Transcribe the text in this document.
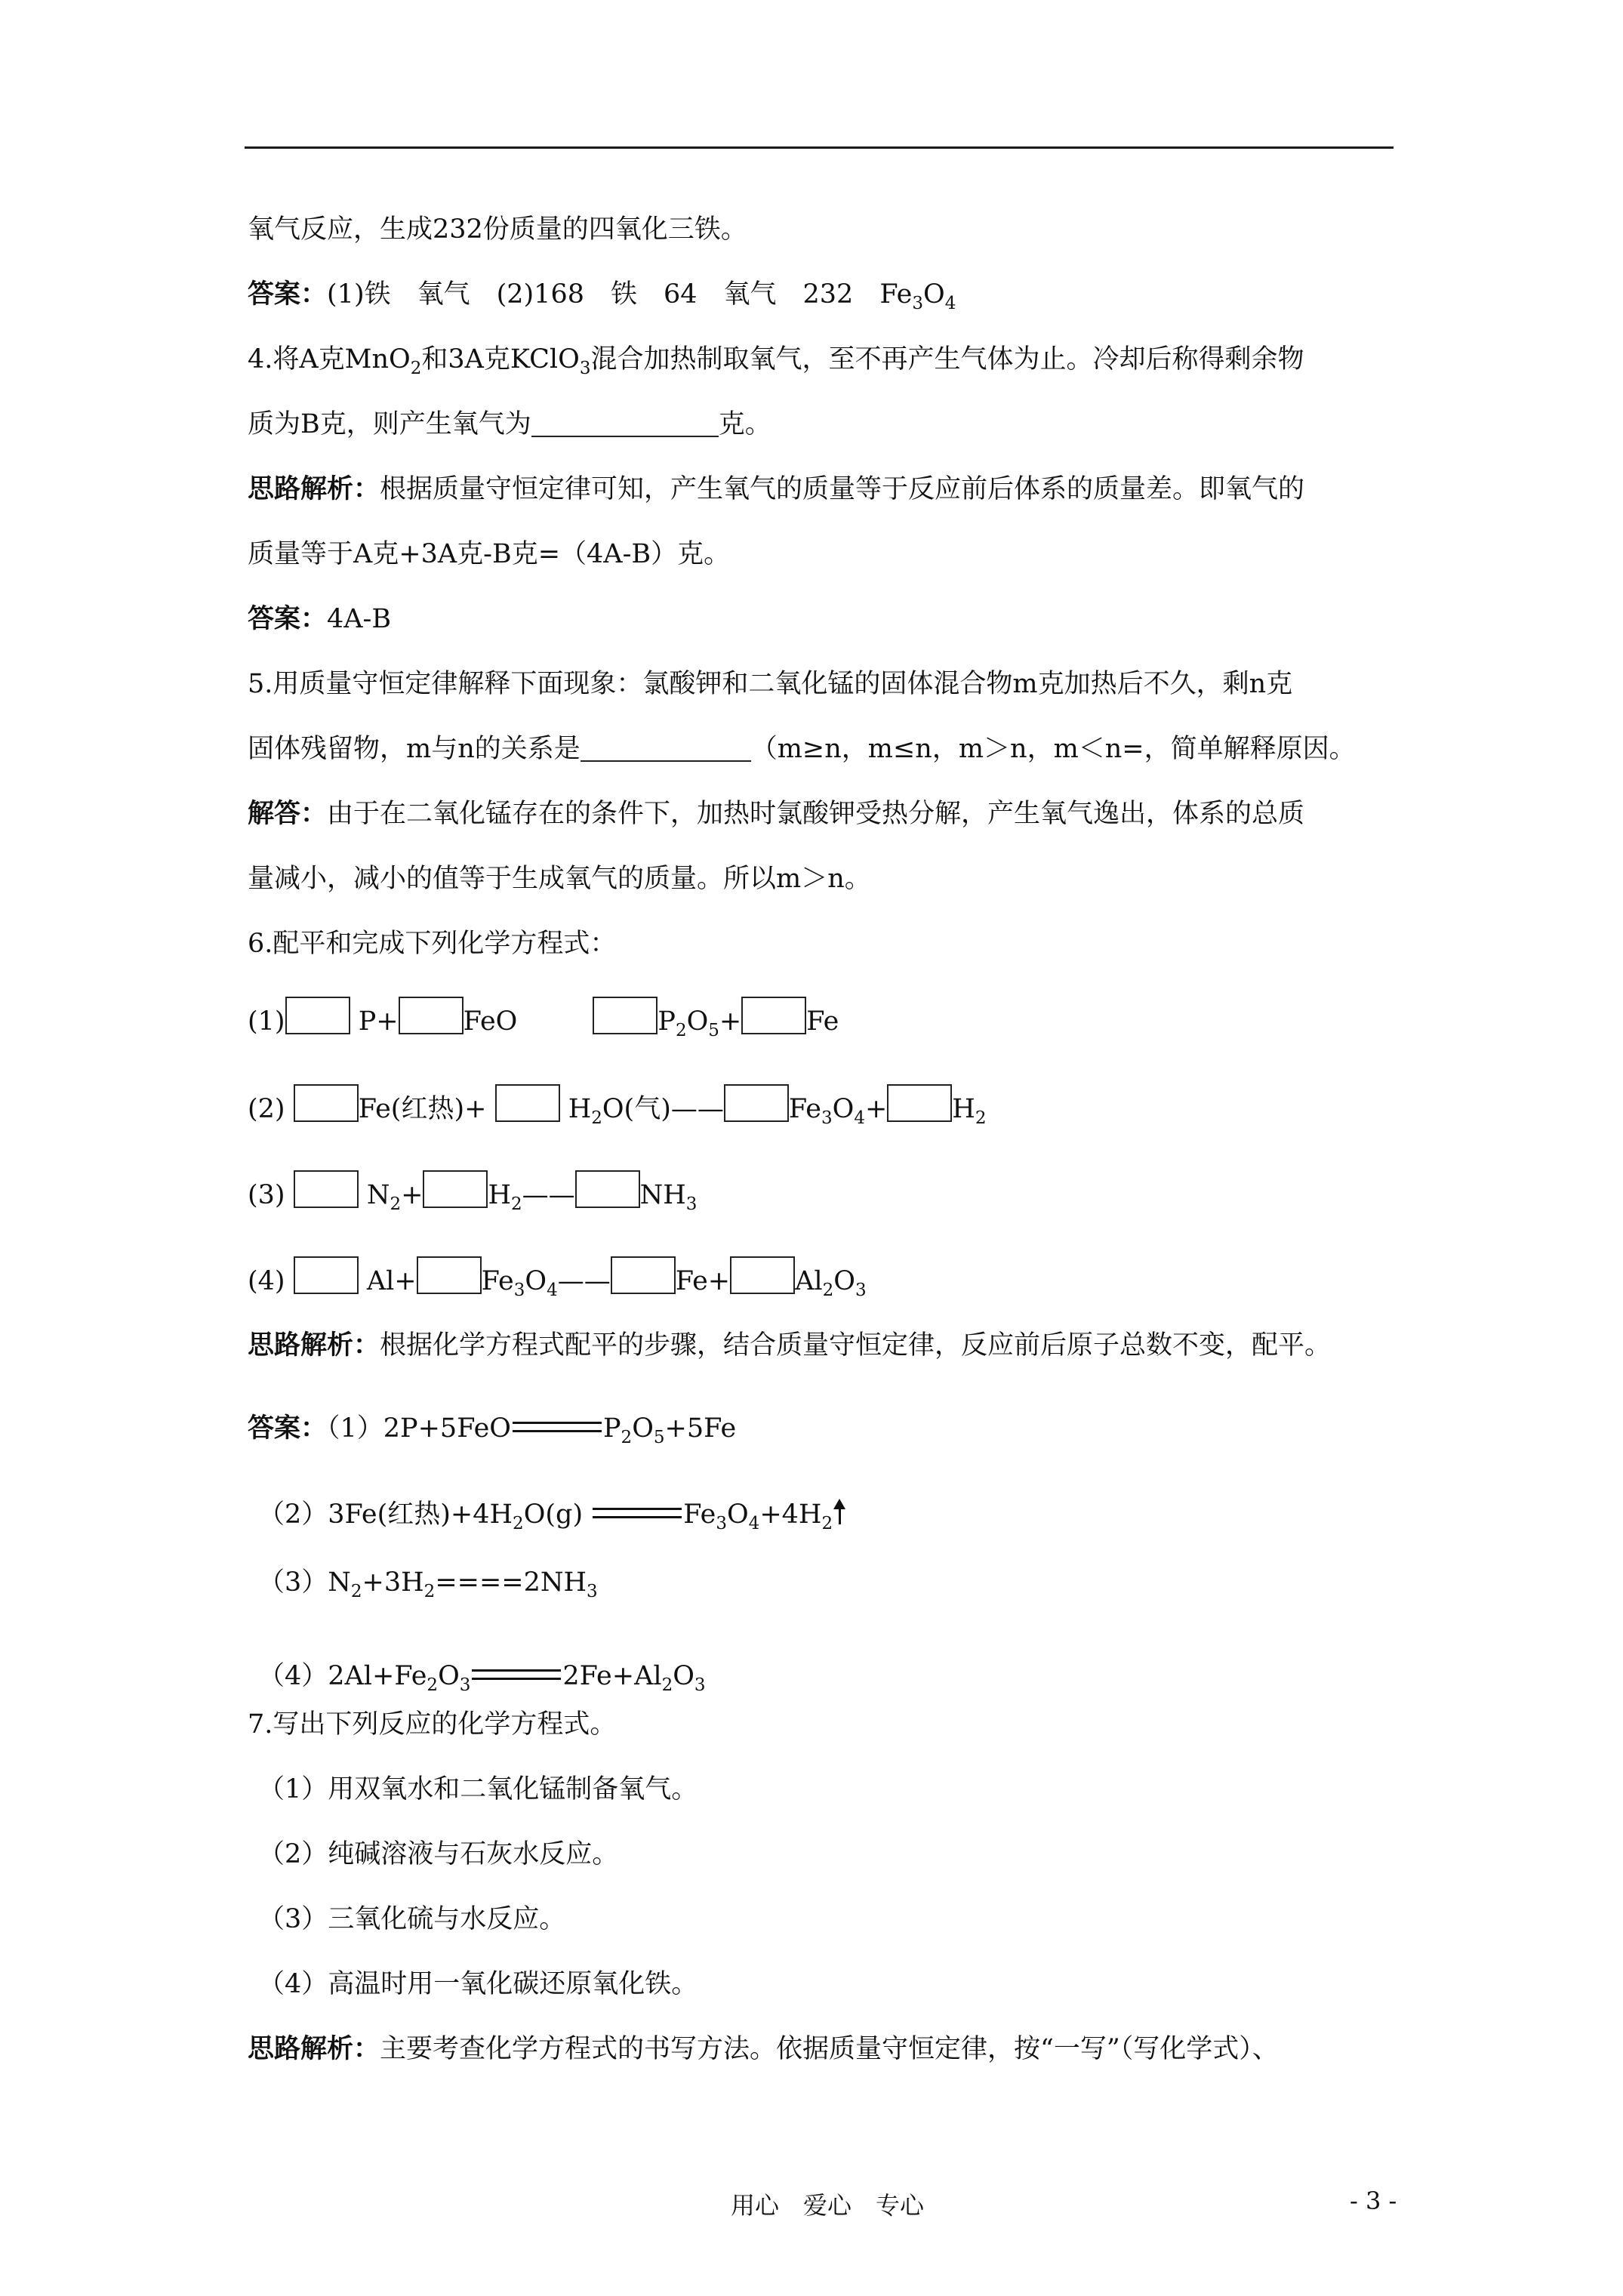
氧气反应，生成232份质量的四氧化三铁。
答案：(1)铁　氧气　(2)168　铁　64　氧气　232　$Fe_3O_4$
4.将A克MnO$_2$和3A克KClO$_3$混合加热制取氧气，至不再产生气体为止。冷却后称得剩余物
质为B克，则产生氧气为	克。
思路解析：根据质量守恒定律可知，产生氧气的质量等于反应前后体系的质量差。即氧气的
质量等于A克+3A克-B克=（4A-B）克。
答案：4A-B
5.用质量守恒定律解释下面现象：氯酸钾和二氧化锰的固体混合物m克加热后不久，剩n克
固体残留物，m与n的关系是	（m≥n，m≤n，m＞n，m＜n=，简单解释原因。
解答：由于在二氧化锰存在的条件下，加热时氯酸钾受热分解，产生氧气逸出，体系的总质
量减小，减小的值等于生成氧气的质量。所以m＞n。
6.配平和完成下列化学方程式：
(1) P+ FeO	$P_2O_5+ Fe$
(2) Fe(红热)+  $H_2O$(气)—— $Fe_3O_4+ H_2$
(3)  $N_2+$ $H_2——$ $NH_3$
(4)  $Al+ Fe_3O_4——$ $Fe+ Al_2O_3$
思路解析：根据化学方程式配平的步骤，结合质量守恒定律，反应前后原子总数不变，配平。
答案：（1）2P+5FeO	$P_2O_5+5Fe$
（2）3Fe(红热)$+4H_2O(g)$	$Fe_3O_4+4H_2$
$(3)N_2+3H_2====2NH_3$
$(4)2Al+Fe_2O_3$	$2Fe+Al_2O_3$
7.写出下列反应的化学方程式。
（1）用双氧水和二氧化锰制备氧气。
（2）纯碱溶液与石灰水反应。
（3）三氧化硫与水反应。
（4）高温时用一氧化碳还原氧化铁。
思路解析：主要考查化学方程式的书写方法。依据质量守恒定律，按“一写”（写化学式）、
用心　爱心　专心	- 3 -
